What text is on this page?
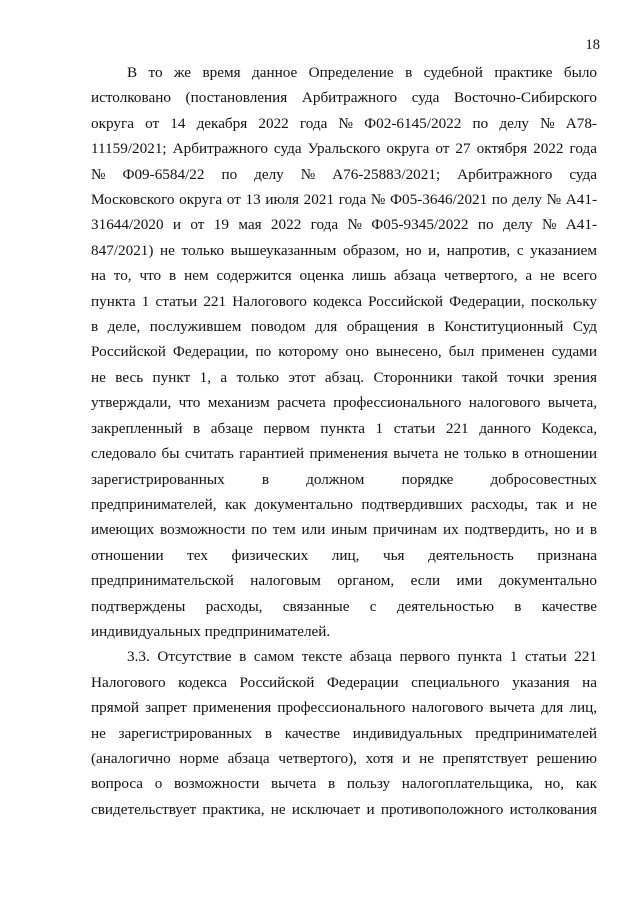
18
В то же время данное Определение в судебной практике было
истолковано (постановления Арбитражного суда Восточно-Сибирского
округа от 14 декабря 2022 года № Ф02-6145/2022 по делу № А78-
11159/2021; Арбитражного суда Уральского округа от 27 октября 2022 года
№ Ф09-6584/22 по делу № А76-25883/2021; Арбитражного суда
Московского округа от 13 июля 2021 года № Ф05-3646/2021 по делу № А41-
31644/2020 и от 19 мая 2022 года № Ф05-9345/2022 по делу № А41-
847/2021) не только вышеуказанным образом, но и, напротив, с указанием
на то, что в нем содержится оценка лишь абзаца четвертого, а не всего
пункта 1 статьи 221 Налогового кодекса Российской Федерации, поскольку
в деле, послужившем поводом для обращения в Конституционный Суд
Российской Федерации, по которому оно вынесено, был применен судами
не весь пункт 1, а только этот абзац. Сторонники такой точки зрения
утверждали, что механизм расчета профессионального налогового вычета,
закрепленный в абзаце первом пункта 1 статьи 221 данного Кодекса,
следовало бы считать гарантией применения вычета не только в отношении
зарегистрированных в должном порядке добросовестных
предпринимателей, как документально подтвердивших расходы, так и не
имеющих возможности по тем или иным причинам их подтвердить, но и в
отношении тех физических лиц, чья деятельность признана
предпринимательской налоговым органом, если ими документально
подтверждены расходы, связанные с деятельностью в качестве
индивидуальных предпринимателей.
3.3. Отсутствие в самом тексте абзаца первого пункта 1 статьи 221
Налогового кодекса Российской Федерации специального указания на
прямой запрет применения профессионального налогового вычета для лиц,
не зарегистрированных в качестве индивидуальных предпринимателей
(аналогично норме абзаца четвертого), хотя и не препятствует решению
вопроса о возможности вычета в пользу налогоплательщика, но, как
свидетельствует практика, не исключает и противоположного истолкования
